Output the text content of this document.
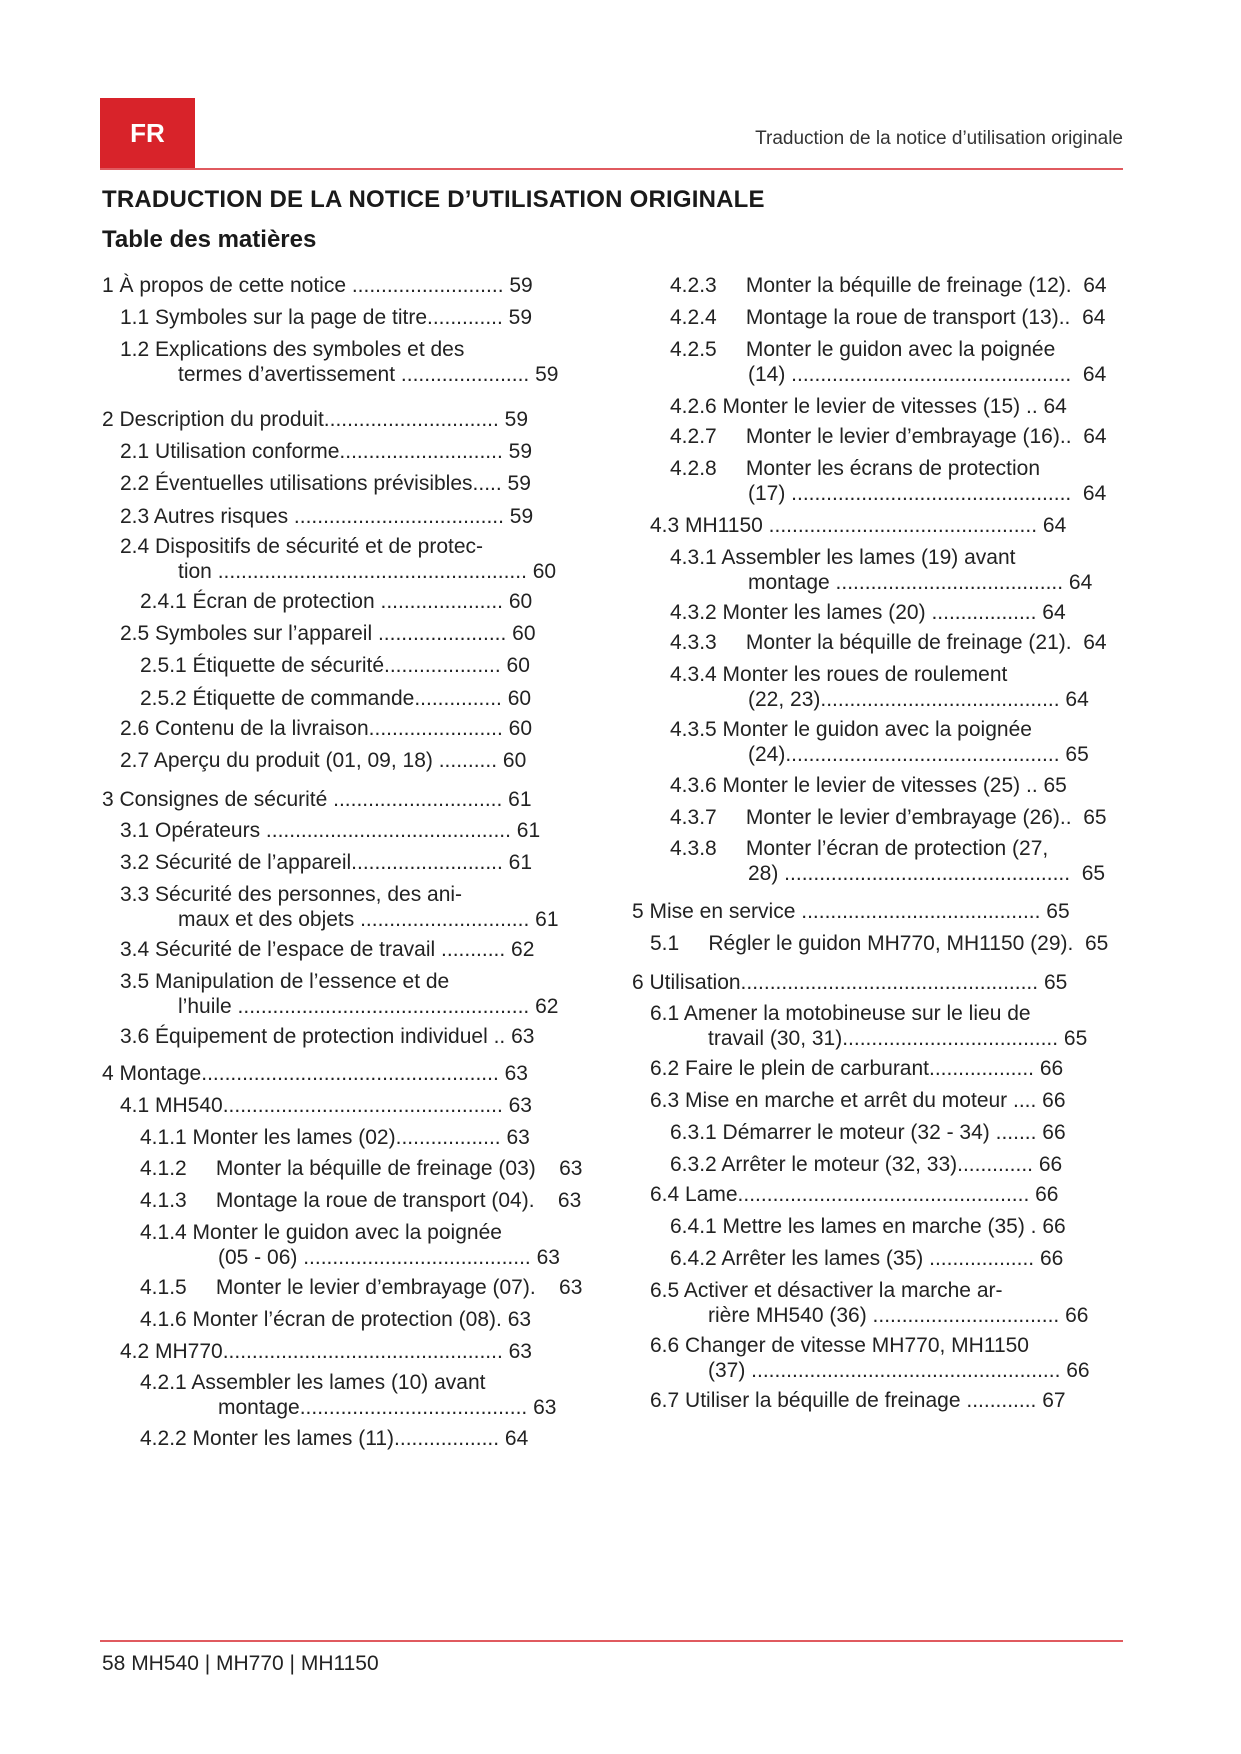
FR	Traduction de la notice d’utilisation originale
TRADUCTION DE LA NOTICE D’UTILISATION ORIGINALE
Table des matières
1 À propos de cette notice .......................... 59
1.1 Symboles sur la page de titre............. 59
1.2 Explications des symboles et des
termes d’avertissement ...................... 59
2 Description du produit.............................. 59
2.1 Utilisation conforme............................ 59
2.2 Éventuelles utilisations prévisibles..... 59
2.3 Autres risques .................................... 59
2.4 Dispositifs de sécurité et de protec-
tion ..................................................... 60
2.4.1 Écran de protection ..................... 60
2.5 Symboles sur l’appareil ...................... 60
2.5.1 Étiquette de sécurité.................... 60
2.5.2 Étiquette de commande............... 60
2.6 Contenu de la livraison....................... 60
2.7 Aperçu du produit (01, 09, 18) .......... 60
3 Consignes de sécurité ............................. 61
3.1 Opérateurs .......................................... 61
3.2 Sécurité de l’appareil.......................... 61
3.3 Sécurité des personnes, des ani-
maux et des objets ............................. 61
3.4 Sécurité de l’espace de travail ........... 62
3.5 Manipulation de l’essence et de
l’huile .................................................. 62
3.6 Équipement de protection individuel .. 63
4 Montage................................................... 63
4.1 MH540................................................ 63
4.1.1 Monter les lames (02).................. 63
4.1.2     Monter la béquille de freinage (03)    63
4.1.3     Montage la roue de transport (04).    63
4.1.4 Monter le guidon avec la poignée
(05 - 06) ....................................... 63
4.1.5     Monter le levier d’embrayage (07).    63
4.1.6 Monter l’écran de protection (08). 63
4.2 MH770................................................ 63
4.2.1 Assembler les lames (10) avant
montage....................................... 63
4.2.2 Monter les lames (11).................. 64
4.2.3     Monter la béquille de freinage (12).  64
4.2.4     Montage la roue de transport (13)..  64
4.2.5     Monter le guidon avec la poignée
(14) ................................................  64
4.2.6 Monter le levier de vitesses (15) .. 64
4.2.7     Monter le levier d’embrayage (16)..  64
4.2.8     Monter les écrans de protection
(17) ................................................  64
4.3 MH1150 .............................................. 64
4.3.1 Assembler les lames (19) avant
montage ....................................... 64
4.3.2 Monter les lames (20) .................. 64
4.3.3     Monter la béquille de freinage (21).  64
4.3.4 Monter les roues de roulement
(22, 23)......................................... 64
4.3.5 Monter le guidon avec la poignée
(24)............................................... 65
4.3.6 Monter le levier de vitesses (25) .. 65
4.3.7     Monter le levier d’embrayage (26)..  65
4.3.8     Monter l’écran de protection (27,
28) .................................................  65
5 Mise en service ......................................... 65
5.1     Régler le guidon MH770, MH1150 (29).  65
6 Utilisation................................................... 65
6.1 Amener la motobineuse sur le lieu de
travail (30, 31)..................................... 65
6.2 Faire le plein de carburant.................. 66
6.3 Mise en marche et arrêt du moteur .... 66
6.3.1 Démarrer le moteur (32 - 34) ....... 66
6.3.2 Arrêter le moteur (32, 33)............. 66
6.4 Lame.................................................. 66
6.4.1 Mettre les lames en marche (35) . 66
6.4.2 Arrêter les lames (35) .................. 66
6.5 Activer et désactiver la marche ar-
rière MH540 (36) ................................ 66
6.6 Changer de vitesse MH770, MH1150
(37) ..................................................... 66
6.7 Utiliser la béquille de freinage ............ 67
58 MH540 | MH770 | MH1150
